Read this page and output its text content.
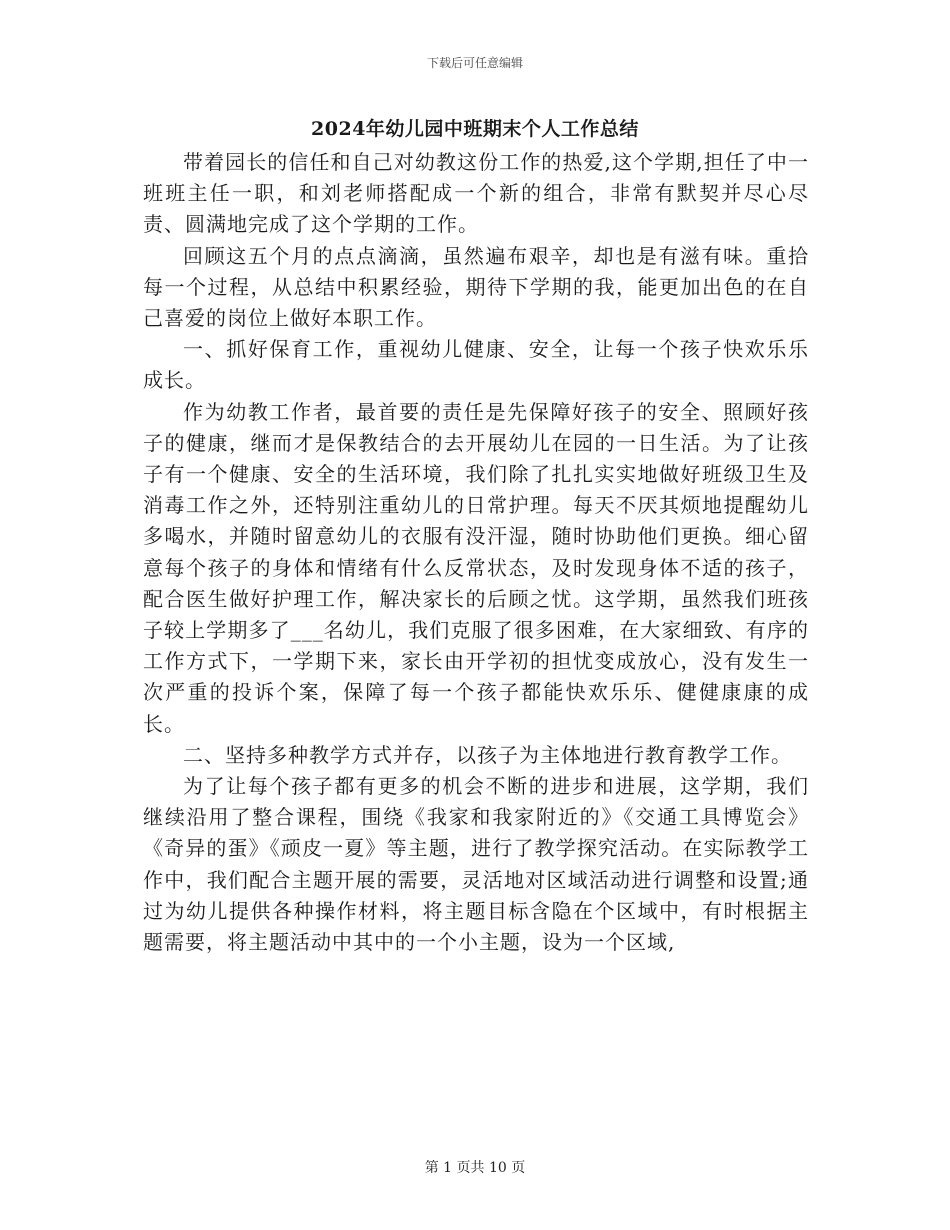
下载后可任意编辑
2024年幼儿园中班期末个人工作总结

带着园长的信任和自己对幼教这份工作的热爱,这个学期,担任了中一班班主任一职，和刘老师搭配成一个新的组合，非常有默契并尽心尽责、圆满地完成了这个学期的工作。

回顾这五个月的点点滴滴，虽然遍布艰辛，却也是有滋有味。重拾每一个过程，从总结中积累经验，期待下学期的我，能更加出色的在自己喜爱的岗位上做好本职工作。

一、抓好保育工作，重视幼儿健康、安全，让每一个孩子快欢乐乐成长。

作为幼教工作者，最首要的责任是先保障好孩子的安全、照顾好孩子的健康，继而才是保教结合的去开展幼儿在园的一日生活。为了让孩子有一个健康、安全的生活环境，我们除了扎扎实实地做好班级卫生及消毒工作之外，还特别注重幼儿的日常护理。每天不厌其烦地提醒幼儿多喝水，并随时留意幼儿的衣服有没汗湿，随时协助他们更换。细心留意每个孩子的身体和情绪有什么反常状态，及时发现身体不适的孩子，配合医生做好护理工作，解决家长的后顾之忧。这学期，虽然我们班孩子较上学期多了___名幼儿，我们克服了很多困难，在大家细致、有序的工作方式下，一学期下来，家长由开学初的担忧变成放心，没有发生一次严重的投诉个案，保障了每一个孩子都能快欢乐乐、健健康康的成长。

二、坚持多种教学方式并存，以孩子为主体地进行教育教学工作。

为了让每个孩子都有更多的机会不断的进步和进展，这学期，我们继续沿用了整合课程，围绕《我家和我家附近的》《交通工具博览会》《奇异的蛋》《顽皮一夏》等主题，进行了教学探究活动。在实际教学工作中，我们配合主题开展的需要，灵活地对区域活动进行调整和设置;通过为幼儿提供各种操作材料，将主题目标含隐在个区域中，有时根据主题需要，将主题活动中其中的一个小主题，设为一个区域,

第 1 页共 10 页
